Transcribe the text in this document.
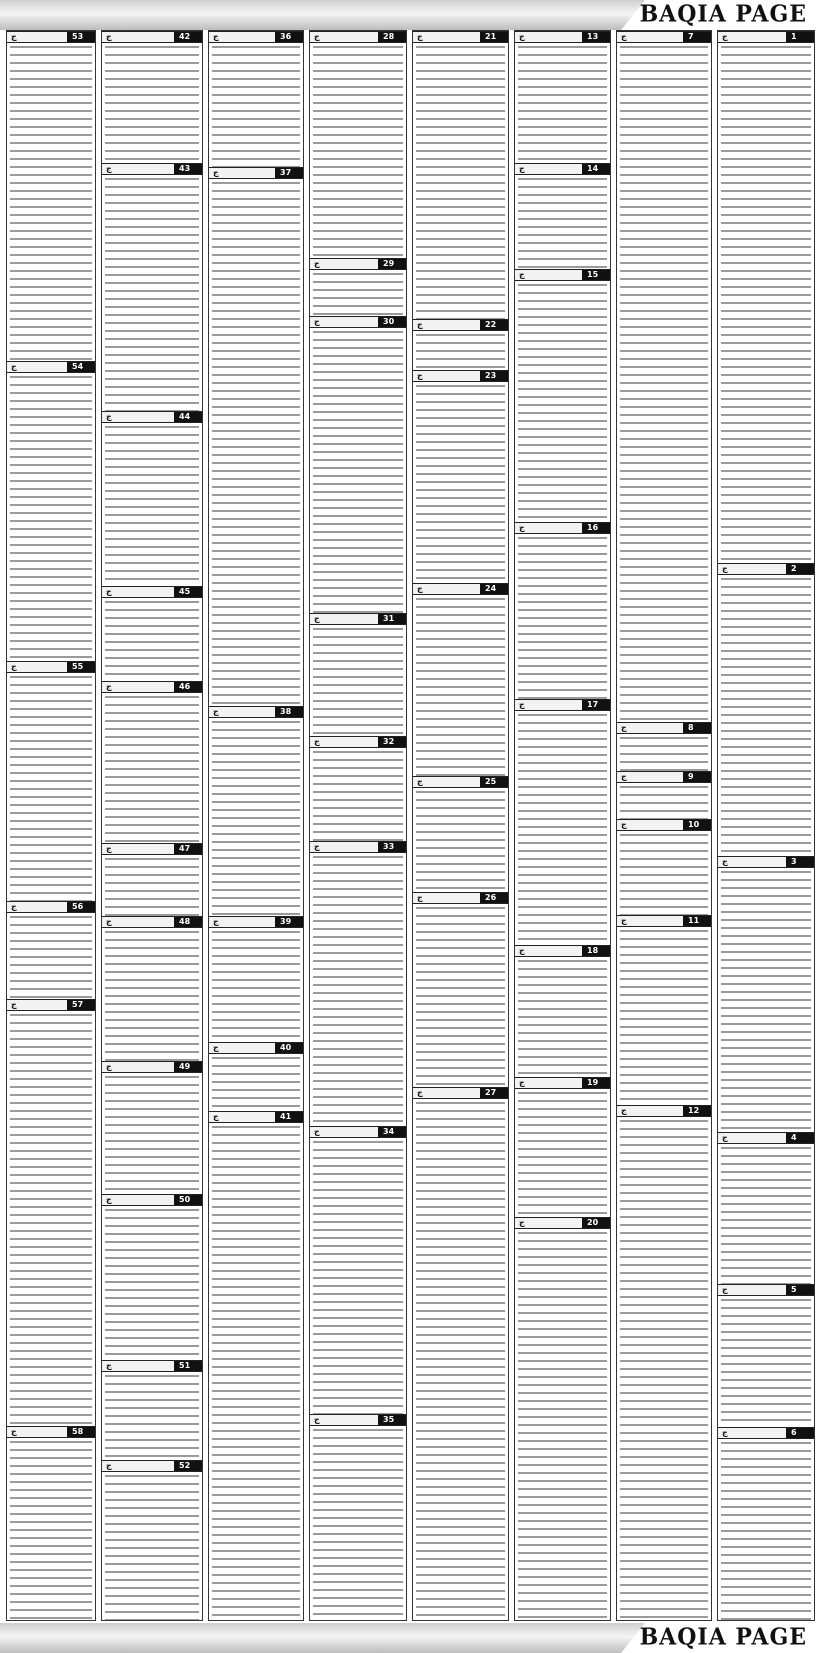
BAQIA PAGE
ج	53
ج	54
ج	55
ج	56
ج	57
ج	58
ج	42
ج	43
ج	44
ج	45
ج	46
ج	47
ج	48
ج	49
ج	50
ج	51
ج	52
ج	36
ج	37
ج	38
ج	39
ج	40
ج	41
ج	28
ج	29
ج	30
ج	31
ج	32
ج	33
ج	34
ج	35
ج	21
ج	22
ج	23
ج	24
ج	25
ج	26
ج	27
ج	13
ج	14
ج	15
ج	16
ج	17
ج	18
ج	19
ج	20
ج	7
ج	8
ج	9
ج	10
ج	11
ج	12
ج	1
ج	2
ج	3
ج	4
ج	5
ج	6
BAQIA PAGE
